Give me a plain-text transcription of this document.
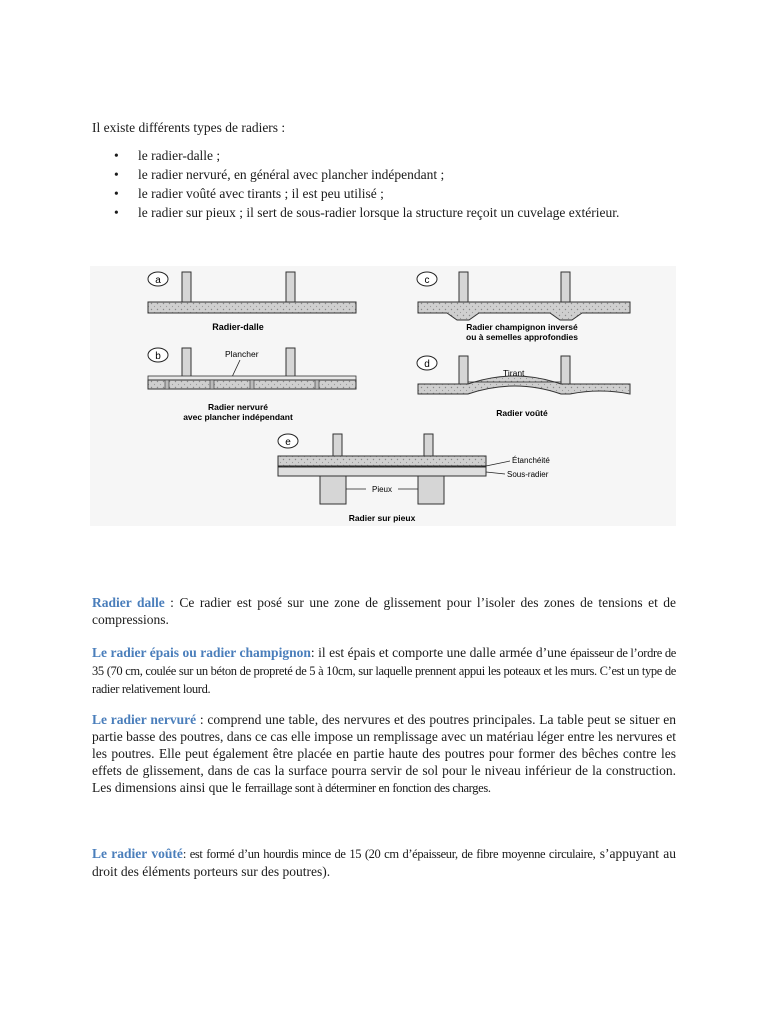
Il existe différents types de radiers :

• le radier-dalle ;
• le radier nervuré, en général avec plancher indépendant ;
• le radier voûté avec tirants ; il est peu utilisé ;
• le radier sur pieux ; il sert de sous-radier lorsque la structure reçoit un cuvelage extérieur.
a
Radier-dalle
c
Radier champignon inversé
ou à semelles approfondies
b	Plancher
Radier nervuré
avec plancher indépendant
d
Tirant
Radier voûté
e
Étanchéité
Sous-radier
Pieux
Radier sur pieux

Radier dalle : Ce radier est posé sur une zone de glissement pour l’isoler des zones de tensions et de compressions.

Le radier épais ou radier champignon: il est épais et comporte une dalle armée d’une épaisseur de l’ordre de 35 (70 cm, coulée sur un béton de propreté de 5 à 10cm, sur laquelle prennent appui les poteaux et les murs. C’est un type de radier relativement lourd.

Le radier nervuré : comprend une table, des nervures et des poutres principales. La table peut se situer en partie basse des poutres, dans ce cas elle impose un remplissage avec un matériau léger entre les nervures et les poutres. Elle peut également être placée en partie haute des poutres pour former des bêches contre les effets de glissement, dans de cas la surface pourra servir de sol pour le niveau inférieur de la construction. Les dimensions ainsi que le ferraillage sont à déterminer en fonction des charges.

Le radier voûté: est formé d’un hourdis mince de 15 (20 cm d’épaisseur, de fibre moyenne circulaire, s’appuyant au droit des éléments porteurs sur des poutres).
